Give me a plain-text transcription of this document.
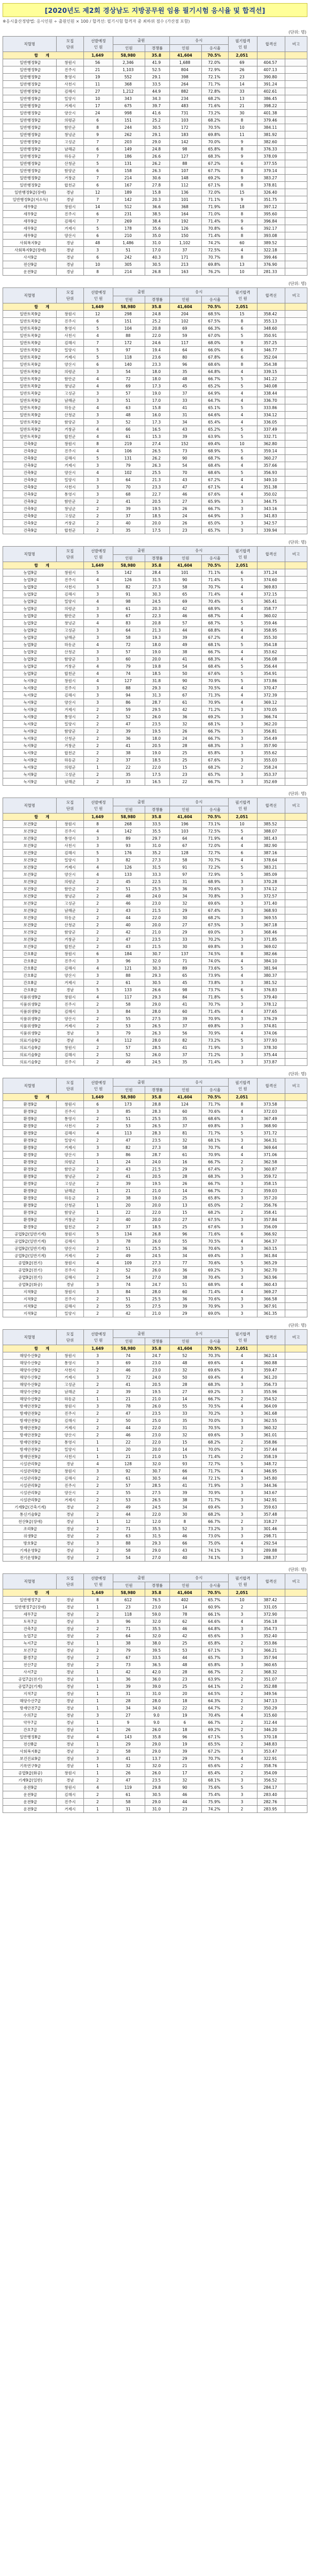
[2020년도 제2회 경상남도 지방공무원 임용 필기시험 응시율 및 합격선]
※응시율산정방법: 응시인원 ÷ 출원인원 × 100 / 합격선: 필기시험 합격자 중 최하위 점수 (가산점 포함)
(단위: 명)
직렬명	모집
단위	선발예정
인 원	출원		응시		필기합격
인 원	합격선	비고
			인원	경쟁률	인원	응시율			
합 계		1,649	58,980	35.8	41,604	70.5%	2,051		
일반행정9급	창원시	56	2,346	41.9	1,688	72.0%	69	404.57	
일반행정9급	진주시	21	1,103	52.5	804	72.9%	26	407.13	
일반행정9급	통영시	19	552	29.1	398	72.1%	23	390.80	
일반행정9급	사천시	11	368	33.5	264	71.7%	14	391.24	
일반행정9급	김해시	27	1,212	44.9	882	72.8%	33	402.61	
일반행정9급	밀양시	10	343	34.3	234	68.2%	13	386.45	
일반행정9급	거제시	17	675	39.7	483	71.6%	21	398.22	
일반행정9급	양산시	24	998	41.6	731	73.2%	30	401.38	
일반행정9급	의령군	6	151	25.2	103	68.2%	8	379.46	
일반행정9급	함안군	8	244	30.5	172	70.5%	10	384.11	
일반행정9급	창녕군	9	262	29.1	183	69.8%	11	381.92	
일반행정9급	고성군	7	203	29.0	142	70.0%	9	382.60	
일반행정9급	남해군	6	149	24.8	98	65.8%	8	376.33	
일반행정9급	하동군	7	186	26.6	127	68.3%	9	378.09	
일반행정9급	산청군	5	131	26.2	88	67.2%	6	377.55	
일반행정9급	함양군	6	158	26.3	107	67.7%	8	379.14	
일반행정9급	거창군	7	214	30.6	148	69.2%	9	383.27	
일반행정9급	합천군	6	167	27.8	112	67.1%	8	378.81	
일반행정9급(장애)	경남	12	189	15.8	136	72.0%	15	326.40	
일반행정9급(저소득)	경남	7	142	20.3	101	71.1%	9	351.75	
세무9급	창원시	14	512	36.6	368	71.9%	18	397.12	
세무9급	진주시	6	231	38.5	164	71.0%	8	395.60	
세무9급	김해시	7	269	38.4	192	71.4%	9	396.84	
세무9급	거제시	5	178	35.6	126	70.8%	6	392.17	
세무9급	양산시	6	210	35.0	150	71.4%	8	393.08	
사회복지9급	경남	48	1,486	31.0	1,102	74.2%	60	389.52	
사회복지9급(장애)	경남	3	51	17.0	37	72.5%	4	322.18	
사서9급	경남	6	242	40.3	171	70.7%	8	399.46	
전산9급	경남	10	305	30.5	213	69.8%	13	376.90	
운전9급	경남	8	214	26.8	163	76.2%	10	281.33	
(단위: 명)
직렬명	모집
단위	선발예정
인 원	출원		응시		필기합격
인 원	합격선	비고
			인원	경쟁률	인원	응시율			
합 계		1,649	58,980	35.8	41,604	70.5%	2,051		
일반토목9급	창원시	12	298	24.8	204	68.5%	15	358.42	
일반토목9급	진주시	6	151	25.2	102	67.5%	8	355.13	
일반토목9급	통영시	5	104	20.8	69	66.3%	6	348.60	
일반토목9급	사천시	4	88	22.0	59	67.0%	5	350.91	
일반토목9급	김해시	7	172	24.6	117	68.0%	9	357.25	
일반토목9급	밀양시	5	97	19.4	64	66.0%	6	346.77	
일반토목9급	거제시	5	118	23.6	80	67.8%	6	352.04	
일반토목9급	양산시	6	140	23.3	96	68.6%	8	354.38	
일반토목9급	의령군	3	54	18.0	35	64.8%	4	339.15	
일반토목9급	함안군	4	72	18.0	48	66.7%	5	341.22	
일반토목9급	창녕군	4	69	17.3	45	65.2%	5	340.08	
일반토목9급	고성군	3	57	19.0	37	64.9%	4	338.44	
일반토목9급	남해군	3	51	17.0	33	64.7%	4	336.70	
일반토목9급	하동군	4	63	15.8	41	65.1%	5	333.86	
일반토목9급	산청군	3	48	16.0	31	64.6%	4	334.12	
일반토목9급	함양군	3	52	17.3	34	65.4%	4	336.05	
일반토목9급	거창군	4	66	16.5	43	65.2%	5	337.49	
일반토목9급	합천군	4	61	15.3	39	63.9%	5	332.71	
건축9급	창원시	8	219	27.4	152	69.4%	10	362.80	
건축9급	진주시	4	106	26.5	73	68.9%	5	359.14	
건축9급	김해시	5	131	26.2	90	68.7%	6	360.27	
건축9급	거제시	3	79	26.3	54	68.4%	4	357.66	
건축9급	양산시	4	102	25.5	70	68.6%	5	356.93	
건축9급	밀양시	3	64	21.3	43	67.2%	4	349.10	
건축9급	사천시	3	70	23.3	47	67.1%	4	351.38	
건축9급	통영시	3	68	22.7	46	67.6%	4	350.02	
건축9급	함안군	2	41	20.5	27	65.9%	3	344.75	
건축9급	창녕군	2	39	19.5	26	66.7%	3	343.16	
건축9급	고성군	2	37	18.5	24	64.9%	3	341.83	
건축9급	거창군	2	40	20.0	26	65.0%	3	342.57	
건축9급	합천군	2	35	17.5	23	65.7%	3	339.94	
(단위: 명)
직렬명	모집
단위	선발예정
인 원	출원		응시		필기합격
인 원	합격선	비고
			인원	경쟁률	인원	응시율			
합 계		1,649	58,980	35.8	41,604	70.5%	2,051		
농업9급	창원시	5	142	28.4	101	71.1%	6	371.24	
농업9급	진주시	4	126	31.5	90	71.4%	5	374.60	
농업9급	사천시	3	82	27.3	58	70.7%	4	369.83	
농업9급	김해시	3	91	30.3	65	71.4%	4	372.15	
농업9급	밀양시	4	98	24.5	69	70.4%	5	365.41	
농업9급	의령군	3	61	20.3	42	68.9%	4	358.77	
농업9급	함안군	3	67	22.3	46	68.7%	4	360.02	
농업9급	창녕군	4	83	20.8	57	68.7%	5	359.46	
농업9급	고성군	3	64	21.3	44	68.8%	4	358.95	
농업9급	남해군	3	58	19.3	39	67.2%	4	355.30	
농업9급	하동군	4	72	18.0	49	68.1%	5	354.18	
농업9급	산청군	3	57	19.0	38	66.7%	4	353.62	
농업9급	함양군	3	60	20.0	41	68.3%	4	356.08	
농업9급	거창군	4	79	19.8	54	68.4%	5	356.44	
농업9급	합천군	4	74	18.5	50	67.6%	5	354.91	
녹지9급	창원시	4	127	31.8	90	70.9%	5	373.86	
녹지9급	진주시	3	88	29.3	62	70.5%	4	370.47	
녹지9급	김해시	3	94	31.3	67	71.3%	4	372.39	
녹지9급	양산시	3	86	28.7	61	70.9%	4	369.12	
녹지9급	거제시	2	59	29.5	42	71.2%	3	370.05	
녹지9급	통영시	2	52	26.0	36	69.2%	3	366.74	
녹지9급	밀양시	2	47	23.5	32	68.1%	3	362.20	
녹지9급	함양군	2	39	19.5	26	66.7%	3	356.81	
녹지9급	산청군	2	36	18.0	24	66.7%	3	354.49	
녹지9급	거창군	2	41	20.5	28	68.3%	3	357.90	
녹지9급	합천군	2	38	19.0	25	65.8%	3	355.62	
녹지9급	하동군	2	37	18.5	25	67.6%	3	355.03	
녹지9급	의령군	1	22	22.0	15	68.2%	2	358.24	
녹지9급	고성군	2	35	17.5	23	65.7%	3	353.37	
녹지9급	남해군	2	33	16.5	22	66.7%	3	352.69	
(단위: 명)
직렬명	모집
단위	선발예정
인 원	출원		응시		필기합격
인 원	합격선	비고
			인원	경쟁률	인원	응시율			
합 계		1,649	58,980	35.8	41,604	70.5%	2,051		
보건9급	창원시	8	268	33.5	196	73.1%	10	385.52	
보건9급	진주시	4	142	35.5	103	72.5%	5	388.07	
보건9급	통영시	3	89	29.7	64	71.9%	4	381.43	
보건9급	사천시	3	93	31.0	67	72.0%	4	382.90	
보건9급	김해시	5	176	35.2	128	72.7%	6	387.16	
보건9급	밀양시	3	82	27.3	58	70.7%	4	378.64	
보건9급	거제시	4	126	31.5	91	72.2%	5	383.21	
보건9급	양산시	4	133	33.3	97	72.9%	5	385.09	
보건9급	의령군	2	45	22.5	31	68.9%	3	370.28	
보건9급	함안군	2	51	25.5	36	70.6%	3	374.12	
보건9급	창녕군	2	48	24.0	34	70.8%	3	372.57	
보건9급	고성군	2	46	23.0	32	69.6%	3	371.40	
보건9급	남해군	2	43	21.5	29	67.4%	3	368.93	
보건9급	하동군	2	44	22.0	30	68.2%	3	369.55	
보건9급	산청군	2	40	20.0	27	67.5%	3	367.18	
보건9급	함양군	2	42	21.0	29	69.0%	3	368.46	
보건9급	거창군	2	47	23.5	33	70.2%	3	371.85	
보건9급	합천군	2	43	21.5	30	69.8%	3	369.02	
간호8급	창원시	6	184	30.7	137	74.5%	8	382.66	
간호8급	진주시	3	96	32.0	71	74.0%	4	384.10	
간호8급	김해시	4	121	30.3	89	73.6%	5	381.94	
간호8급	양산시	3	88	29.3	65	73.9%	4	380.37	
간호8급	거제시	2	61	30.5	45	73.8%	3	381.52	
간호8급	경남	5	133	26.6	98	73.7%	6	376.83	
식품위생9급	창원시	4	117	29.3	84	71.8%	5	379.40	
식품위생9급	진주시	2	58	29.0	41	70.7%	3	378.12	
식품위생9급	김해시	3	84	28.0	60	71.4%	4	377.65	
식품위생9급	양산시	2	55	27.5	39	70.9%	3	376.29	
식품위생9급	거제시	2	53	26.5	37	69.8%	3	374.81	
식품위생9급	경남	3	79	26.3	56	70.9%	4	374.06	
의료기술9급	경남	4	112	28.0	82	73.2%	5	377.93	
의료기술9급	창원시	2	57	28.5	41	71.9%	3	378.30	
의료기술9급	김해시	2	52	26.0	37	71.2%	3	375.44	
의료기술9급	진주시	2	49	24.5	35	71.4%	3	373.87	
(단위: 명)
직렬명	모집
단위	선발예정
인 원	출원		응시		필기합격
인 원	합격선	비고
			인원	경쟁률	인원	응시율			
합 계		1,649	58,980	35.8	41,604	70.5%	2,051		
환경9급	창원시	6	173	28.8	124	71.7%	8	373.58	
환경9급	진주시	3	85	28.3	60	70.6%	4	372.03	
환경9급	통영시	2	51	25.5	35	68.6%	3	367.49	
환경9급	사천시	2	53	26.5	37	69.8%	3	368.90	
환경9급	김해시	4	113	28.3	81	71.7%	5	371.72	
환경9급	밀양시	2	47	23.5	32	68.1%	3	364.31	
환경9급	거제시	3	82	27.3	58	70.7%	4	369.64	
환경9급	양산시	3	86	28.7	61	70.9%	4	371.06	
환경9급	의령군	1	24	24.0	16	66.7%	2	362.58	
환경9급	함안군	2	43	21.5	29	67.4%	3	360.87	
환경9급	창녕군	2	41	20.5	28	68.3%	3	359.72	
환경9급	고성군	2	39	19.5	26	66.7%	3	358.15	
환경9급	남해군	1	21	21.0	14	66.7%	2	359.03	
환경9급	하동군	2	38	19.0	25	65.8%	3	357.20	
환경9급	산청군	1	20	20.0	13	65.0%	2	356.76	
환경9급	함양군	1	22	22.0	15	68.2%	2	358.41	
환경9급	거창군	2	40	20.0	27	67.5%	3	357.84	
환경9급	합천군	2	37	18.5	25	67.6%	3	356.09	
공업9급(일반기계)	창원시	5	134	26.8	96	71.6%	6	366.92	
공업9급(일반기계)	김해시	3	78	26.0	55	70.5%	4	364.37	
공업9급(일반기계)	양산시	2	51	25.5	36	70.6%	3	363.15	
공업9급(일반기계)	거제시	2	49	24.5	34	69.4%	3	361.84	
공업9급(전기)	창원시	4	109	27.3	77	70.6%	5	365.29	
공업9급(전기)	진주시	2	52	26.0	36	69.2%	3	362.70	
공업9급(전기)	김해시	2	54	27.0	38	70.4%	3	363.96	
공업9급(화공)	경남	3	74	24.7	51	68.9%	4	360.43	
지적9급	창원시	3	84	28.0	60	71.4%	4	369.27	
지적9급	진주시	2	51	25.5	36	70.6%	3	366.58	
지적9급	김해시	2	55	27.5	39	70.9%	3	367.91	
지적9급	밀양시	2	42	21.0	29	69.0%	3	361.35	
(단위: 명)
직렬명	모집
단위	선발예정
인 원	출원		응시		필기합격
인 원	합격선	비고
			인원	경쟁률	인원	응시율			
합 계		1,649	58,980	35.8	41,604	70.5%	2,051		
해양수산9급	창원시	3	74	24.7	52	70.3%	4	362.14	
해양수산9급	통영시	3	69	23.0	48	69.6%	4	360.88	
해양수산9급	사천시	2	46	23.0	32	69.6%	3	359.47	
해양수산9급	거제시	3	72	24.0	50	69.4%	4	361.20	
해양수산9급	고성군	2	41	20.5	28	68.3%	3	356.73	
해양수산9급	남해군	2	39	19.5	27	69.2%	3	355.96	
해양수산9급	하동군	1	21	21.0	14	66.7%	2	354.52	
방재안전9급	창원시	3	78	26.0	55	70.5%	4	364.09	
방재안전9급	진주시	2	47	23.5	33	70.2%	3	361.68	
방재안전9급	김해시	2	50	25.0	35	70.0%	3	362.55	
방재안전9급	거제시	2	44	22.0	31	70.5%	3	360.32	
방재안전9급	양산시	2	46	23.0	32	69.6%	3	361.01	
방재안전9급	통영시	1	22	22.0	15	68.2%	2	358.86	
방재안전9급	밀양시	1	20	20.0	14	70.0%	2	357.44	
방재안전9급	사천시	1	21	21.0	15	71.4%	2	358.19	
시설관리9급	경남	4	128	32.0	93	72.7%	5	348.72	
시설관리9급	창원시	3	92	30.7	66	71.7%	4	346.95	
시설관리9급	김해시	2	61	30.5	44	72.1%	3	345.80	
시설관리9급	진주시	2	57	28.5	41	71.9%	3	344.36	
시설관리9급	양산시	2	55	27.5	39	70.9%	3	343.67	
시설관리9급	거제시	2	53	26.5	38	71.7%	3	342.91	
기계9급(건축기계)	경남	2	49	24.5	34	69.4%	3	359.63	
통신기술9급	경남	2	44	22.0	30	68.2%	3	357.48	
전산9급(장애)	경남	1	12	12.0	8	66.7%	2	318.27	
조리9급	경남	2	71	35.5	52	73.2%	3	301.46	
위생9급	경남	2	63	31.5	46	73.0%	3	298.71	
방호9급	경남	3	88	29.3	66	75.0%	4	292.54	
기계운영9급	경남	2	58	29.0	43	74.1%	3	289.88	
전기운영9급	경남	2	54	27.0	40	74.1%	3	288.37	
(단위: 명)
직렬명	모집
단위	선발예정
인 원	출원		응시		필기합격
인 원	합격선	비고
			인원	경쟁률	인원	응시율			
합 계		1,649	58,980	35.8	41,604	70.5%	2,051		
일반행정7급	경남	8	612	76.5	402	65.7%	10	387.42	
일반행정7급(장애)	경남	1	23	23.0	14	60.9%	2	331.05	
세무7급	경남	2	118	59.0	78	66.1%	3	372.90	
토목7급	경남	3	96	32.0	62	64.6%	4	356.18	
건축7급	경남	2	71	35.5	46	64.8%	3	354.73	
농업7급	경남	2	64	32.0	42	65.6%	3	352.40	
녹지7급	경남	1	38	38.0	25	65.8%	2	353.86	
보건7급	경남	2	79	39.5	53	67.1%	3	366.21	
환경7급	경남	2	67	33.5	44	65.7%	3	357.94	
전산7급	경남	2	73	36.5	48	65.8%	3	360.65	
사서7급	경남	1	42	42.0	28	66.7%	2	368.32	
공업7급(전기)	경남	1	36	36.0	23	63.9%	2	351.07	
공업7급(기계)	경남	1	39	39.0	25	64.1%	2	352.88	
지적7급	경남	1	31	31.0	20	64.5%	2	349.56	
해양수산7급	경남	1	28	28.0	18	64.3%	2	347.13	
방재안전7급	경남	1	34	34.0	22	64.7%	2	350.29	
수의7급	경남	3	27	9.0	19	70.4%	4	315.60	
약무7급	경남	1	9	9.0	6	66.7%	2	312.44	
간호7급	경남	1	26	26.0	18	69.2%	2	346.20	
일반행정8급	경남	4	143	35.8	96	67.1%	5	370.18	
전산8급	경남	1	29	29.0	19	65.5%	2	348.83	
사회복지8급	경남	2	58	29.0	39	67.2%	3	353.47	
보건진료9급	경남	3	41	13.7	29	70.7%	4	322.91	
기록연구9급	경남	1	32	32.0	21	65.6%	2	358.76	
공업9급(화공)	창원시	1	26	26.0	17	65.4%	2	354.09	
기계9급(일반)	경남	2	47	23.5	32	68.1%	3	356.52	
운전9급	창원시	4	119	29.8	90	75.6%	5	284.17	
운전9급	김해시	2	61	30.5	46	75.4%	3	283.40	
운전9급	진주시	2	58	29.0	44	75.9%	3	282.76	
운전9급	거제시	1	31	31.0	23	74.2%	2	283.95	
